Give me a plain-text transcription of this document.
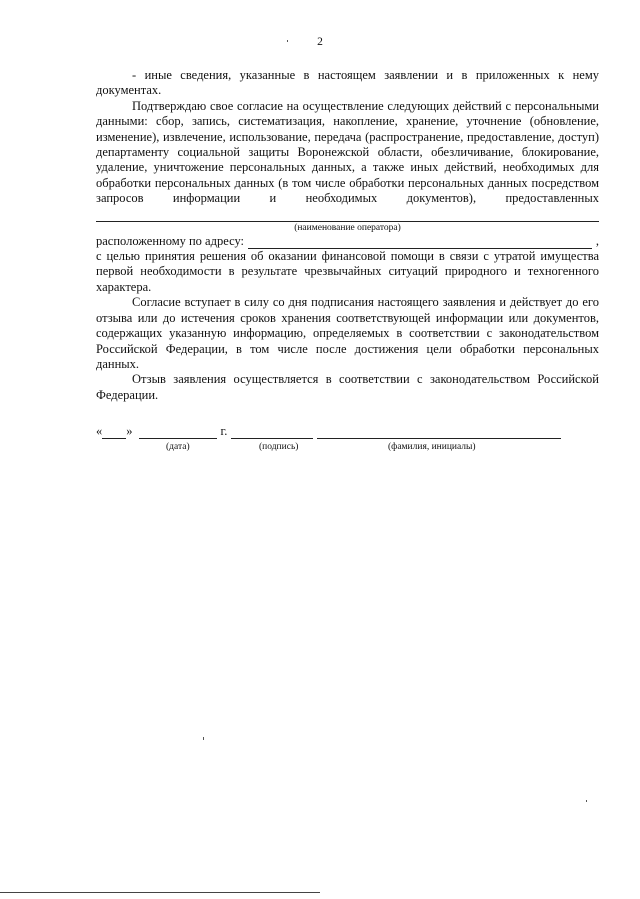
2

- иные сведения, указанные в настоящем заявлении и в приложенных к нему документах.

Подтверждаю свое согласие на осуществление следующих действий с персональными данными: сбор, запись, систематизация, накопление, хранение, уточнение (обновление, изменение), извлечение, использование, передача (распространение, предоставление, доступ) департаменту социальной защиты Воронежской области, обезличивание, блокирование, удаление, уничтожение персональных данных, а также иных действий, необходимых для обработки персональных данных (в том числе обработки персональных данных посредством запросов информации и необходимых документов), предоставленных

(наименование оператора)

расположенному по адресу:	,

с целью принятия решения об оказании финансовой помощи в связи с утратой имущества первой необходимости в результате чрезвычайных ситуаций природного и техногенного характера.

Согласие вступает в силу со дня подписания настоящего заявления и действует до его отзыва или до истечения сроков хранения соответствующей информации или документов, содержащих указанную информацию, определяемых в соответствии с законодательством Российской Федерации, в том числе после достижения цели обработки персональных данных.

Отзыв заявления осуществляется в соответствии с законодательством Российской Федерации.

« »	г.
(дата)	(подпись)	(фамилия, инициалы)
